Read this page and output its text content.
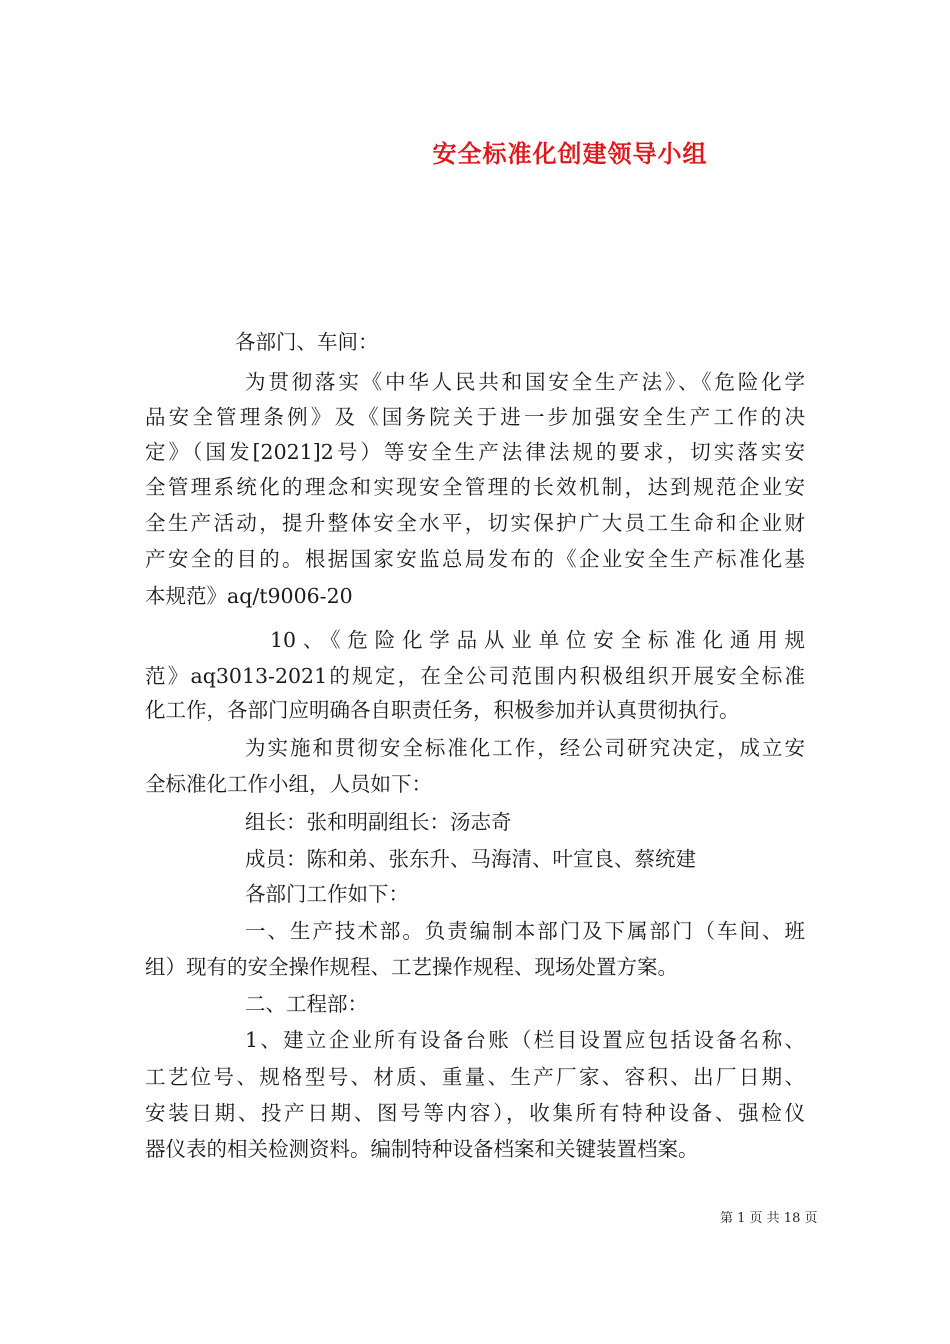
安全标准化创建领导小组
各部门、车间：
为贯彻落实《中华人民共和国安全生产法》、《危险化学
品安全管理条例》及《国务院关于进一步加强安全生产工作的决
定》（国发[2021]2号）等安全生产法律法规的要求，切实落实安
全管理系统化的理念和实现安全管理的长效机制，达到规范企业安
全生产活动，提升整体安全水平，切实保护广大员工生命和企业财
产安全的目的。根据国家安监总局发布的《企业安全生产标准化基
本规范》aq/t9006-20
10、《危险化学品从业单位安全标准化通用规
范》aq3013-2021的规定，在全公司范围内积极组织开展安全标准
化工作，各部门应明确各自职责任务，积极参加并认真贯彻执行。
为实施和贯彻安全标准化工作，经公司研究决定，成立安
全标准化工作小组，人员如下：
组长：张和明副组长：汤志奇
成员：陈和弟、张东升、马海清、叶宣良、蔡统建
各部门工作如下：
一、生产技术部。负责编制本部门及下属部门（车间、班
组）现有的安全操作规程、工艺操作规程、现场处置方案。
二、工程部：
1、建立企业所有设备台账（栏目设置应包括设备名称、
工艺位号、规格型号、材质、重量、生产厂家、容积、出厂日期、
安装日期、投产日期、图号等内容），收集所有特种设备、强检仪
器仪表的相关检测资料。编制特种设备档案和关键装置档案。
第 1 页 共 18 页
